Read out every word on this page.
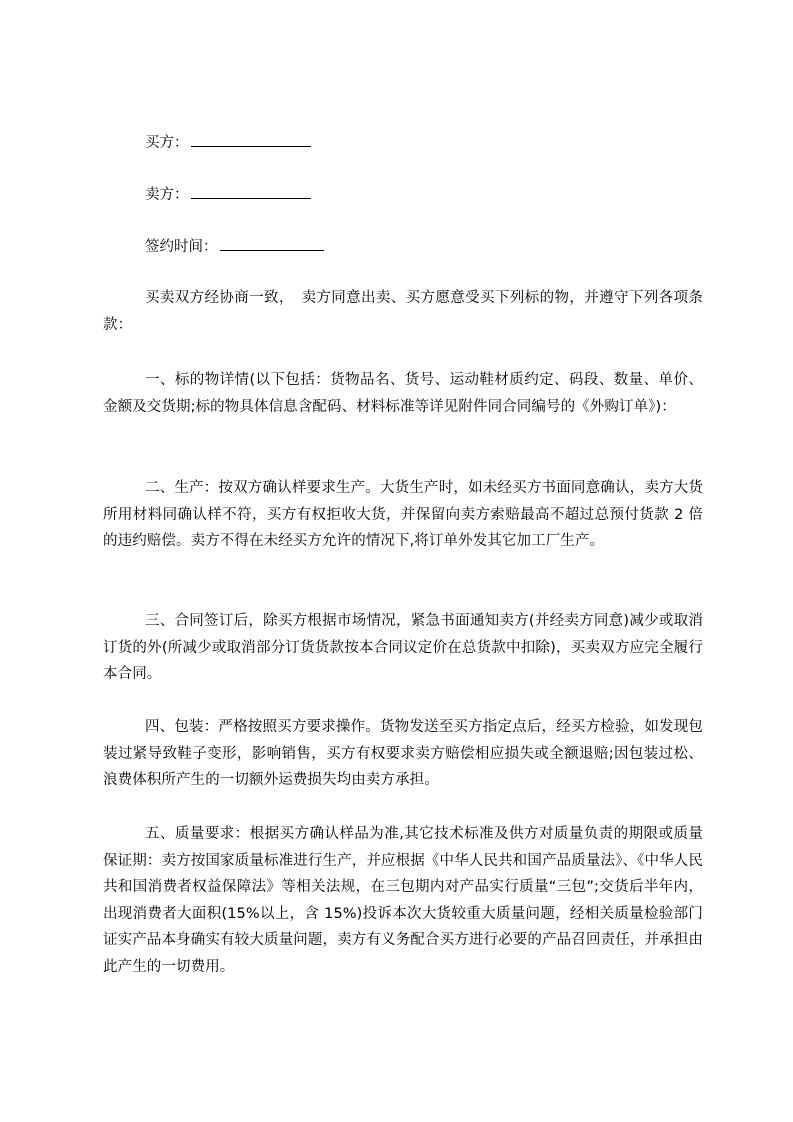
买方：
卖方：
签约时间：

买卖双方经协商一致，　卖方同意出卖、买方愿意受买下列标的物，并遵守下列各项条款：

一、标的物详情(以下包括：货物品名、货号、运动鞋材质约定、码段、数量、单价、金额及交货期;标的物具体信息含配码、材料标准等详见附件同合同编号的《外购订单》)：

二、生产：按双方确认样要求生产。大货生产时，如未经买方书面同意确认，卖方大货所用材料同确认样不符，买方有权拒收大货，并保留向卖方索赔最高不超过总预付货款 2 倍的违约赔偿。卖方不得在未经买方允许的情况下,将订单外发其它加工厂生产。

三、合同签订后，除买方根据市场情况，紧急书面通知卖方(并经卖方同意)减少或取消订货的外(所减少或取消部分订货货款按本合同议定价在总货款中扣除)，买卖双方应完全履行本合同。

四、包装：严格按照买方要求操作。货物发送至买方指定点后，经买方检验，如发现包装过紧导致鞋子变形，影响销售，买方有权要求卖方赔偿相应损失或全额退赔;因包装过松、浪费体积所产生的一切额外运费损失均由卖方承担。

五、质量要求：根据买方确认样品为准,其它技术标准及供方对质量负责的期限或质量保证期：卖方按国家质量标准进行生产，并应根据《中华人民共和国产品质量法》、《中华人民共和国消费者权益保障法》等相关法规，在三包期内对产品实行质量“三包”;交货后半年内，出现消费者大面积(15%以上，含 15%)投诉本次大货较重大质量问题，经相关质量检验部门证实产品本身确实有较大质量问题，卖方有义务配合买方进行必要的产品召回责任，并承担由此产生的一切费用。
